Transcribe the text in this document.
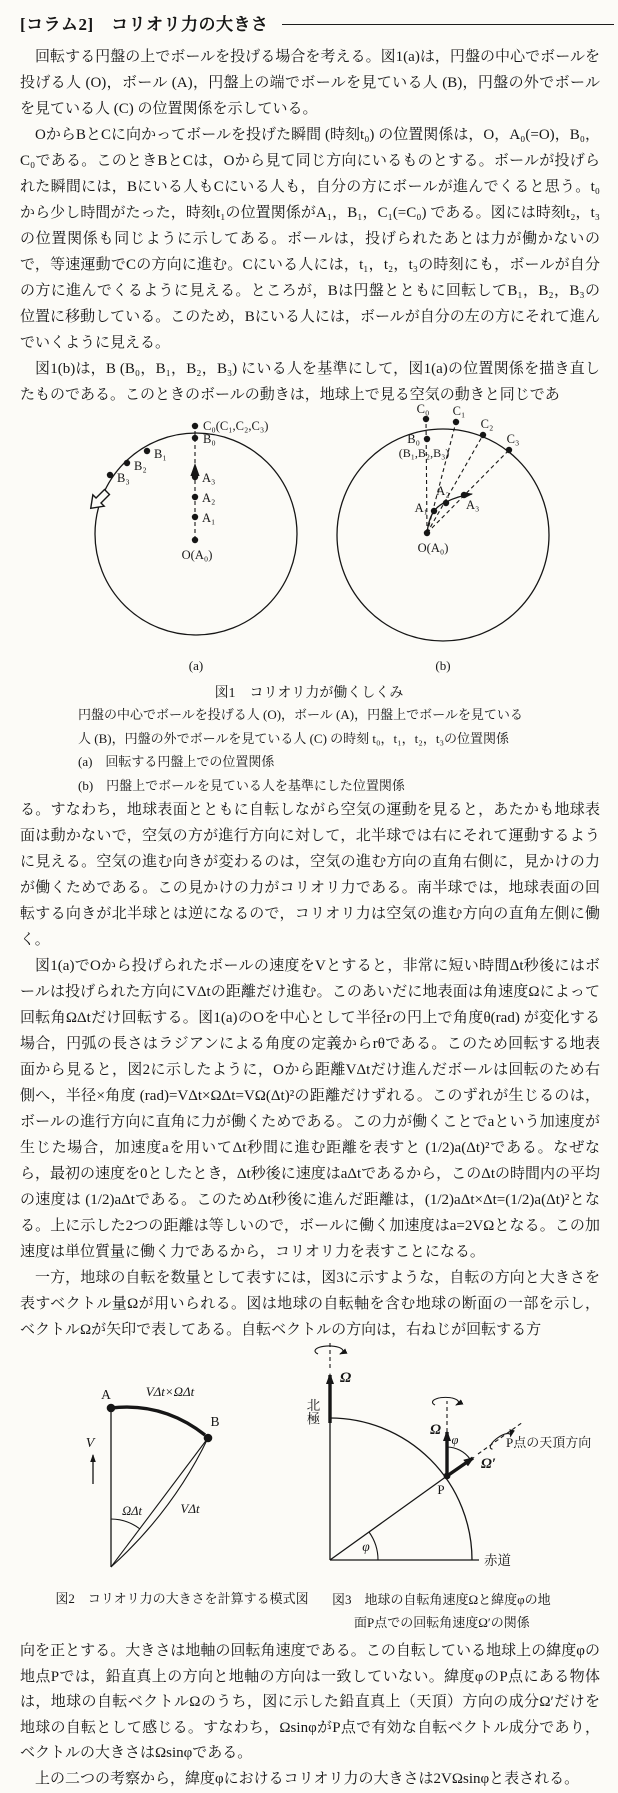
[コラム2]　コリオリ力の大きさ

回転する円盤の上でボールを投げる場合を考える。図1(a)は，円盤の中心でボールを投げる人 (O)，ボール (A)，円盤上の端でボールを見ている人 (B)，円盤の外でボールを見ている人 (C) の位置関係を示している。

OからBとCに向かってボールを投げた瞬間 (時刻t₀) の位置関係は，O，A₀(=O)，B₀，C₀である。このときBとCは，Oから見て同じ方向にいるものとする。ボールが投げられた瞬間には，Bにいる人もCにいる人も，自分の方にボールが進んでくると思う。t₀から少し時間がたった，時刻t₁の位置関係がA₁，B₁，C₁(=C₀) である。図には時刻t₂，t₃の位置関係も同じように示してある。ボールは，投げられたあとは力が働かないので，等速運動でCの方向に進む。Cにいる人には，t₁，t₂，t₃の時刻にも，ボールが自分の方に進んでくるように見える。ところが，Bは円盤とともに回転してB₁，B₂，B₃の位置に移動している。このため，Bにいる人には，ボールが自分の左の方にそれて進んでいくように見える。

図1(b)は，B (B₀，B₁，B₂，B₃) にいる人を基準にして，図1(a)の位置関係を描き直したものである。このときのボールの動きは，地球上で見る空気の動きと同じであ

C₀(C₁,C₂,C₃)
B₀
B₁
B₂
B₃	A₃
A₂
A₁
O(A₀)
(a)
C₀ C₁
C₂
C₃
B₀
(B₁,B₂,B₃)
A₁
A₂
A₃
O(A₀)
(b)

図1　コリオリ力が働くしくみ

円盤の中心でボールを投げる人 (O)，ボール (A)，円盤上でボールを見ている

人 (B)，円盤の外でボールを見ている人 (C) の時刻 t₀，t₁，t₂，t₃の位置関係

(a)　回転する円盤上での位置関係

(b)　円盤上でボールを見ている人を基準にした位置関係

る。すなわち，地球表面とともに自転しながら空気の運動を見ると，あたかも地球表面は動かないで，空気の方が進行方向に対して，北半球では右にそれて運動するように見える。空気の進む向きが変わるのは，空気の進む方向の直角右側に，見かけの力が働くためである。この見かけの力がコリオリ力である。南半球では，地球表面の回転する向きが北半球とは逆になるので，コリオリ力は空気の進む方向の直角左側に働く。

図1(a)でOから投げられたボールの速度をVとすると，非常に短い時間Δt秒後にはボールは投げられた方向にVΔtの距離だけ進む。このあいだに地表面は角速度Ωによって回転角ΩΔtだけ回転する。図1(a)のOを中心として半径rの円上で角度θ(rad) が変化する場合，円弧の長さはラジアンによる角度の定義からrθである。このため回転する地表面から見ると，図2に示したように，Oから距離VΔtだけ進んだボールは回転のため右側へ，半径×角度 (rad)=VΔt×ΩΔt=VΩ(Δt)²の距離だけずれる。このずれが生じるのは，ボールの進行方向に直角に力が働くためである。この力が働くことでaという加速度が生じた場合，加速度aを用いてΔt秒間に進む距離を表すと (1/2)a(Δt)²である。なぜなら，最初の速度を0としたとき，Δt秒後に速度はaΔtであるから，このΔtの時間内の平均の速度は (1/2)aΔtである。このためΔt秒後に進んだ距離は，(1/2)aΔt×Δt=(1/2)a(Δt)²となる。上に示した2つの距離は等しいので，ボールに働く加速度はa=2VΩとなる。この加速度は単位質量に働く力であるから，コリオリ力を表すことになる。

一方，地球の自転を数量として表すには，図3に示すような，自転の方向と大きさを表すベクトル量Ωが用いられる。図は地球の自転軸を含む地球の断面の一部を示し，ベクトルΩが矢印で表してある。自転ベクトルの方向は，右ねじが回転する方

V
A
B
VΔt×ΩΔt
VΔt
ΩΔt
Ω
北極
赤道
φ
P
Ω
φ
Ω′
P点の天頂方向
図2　コリオリ力の大きさを計算する模式図	図3　地球の自転角速度Ωと緯度φの地
面P点での回転角速度Ω′の関係

向を正とする。大きさは地軸の回転角速度である。この自転している地球上の緯度φの地点Pでは，鉛直真上の方向と地軸の方向は一致していない。緯度φのP点にある物体は，地球の自転ベクトルΩのうち，図に示した鉛直真上（天頂）方向の成分Ω′だけを地球の自転として感じる。すなわち，ΩsinφがP点で有効な自転ベクトル成分であり，ベクトルの大きさはΩsinφである。

上の二つの考察から，緯度φにおけるコリオリ力の大きさは2VΩsinφと表される。
